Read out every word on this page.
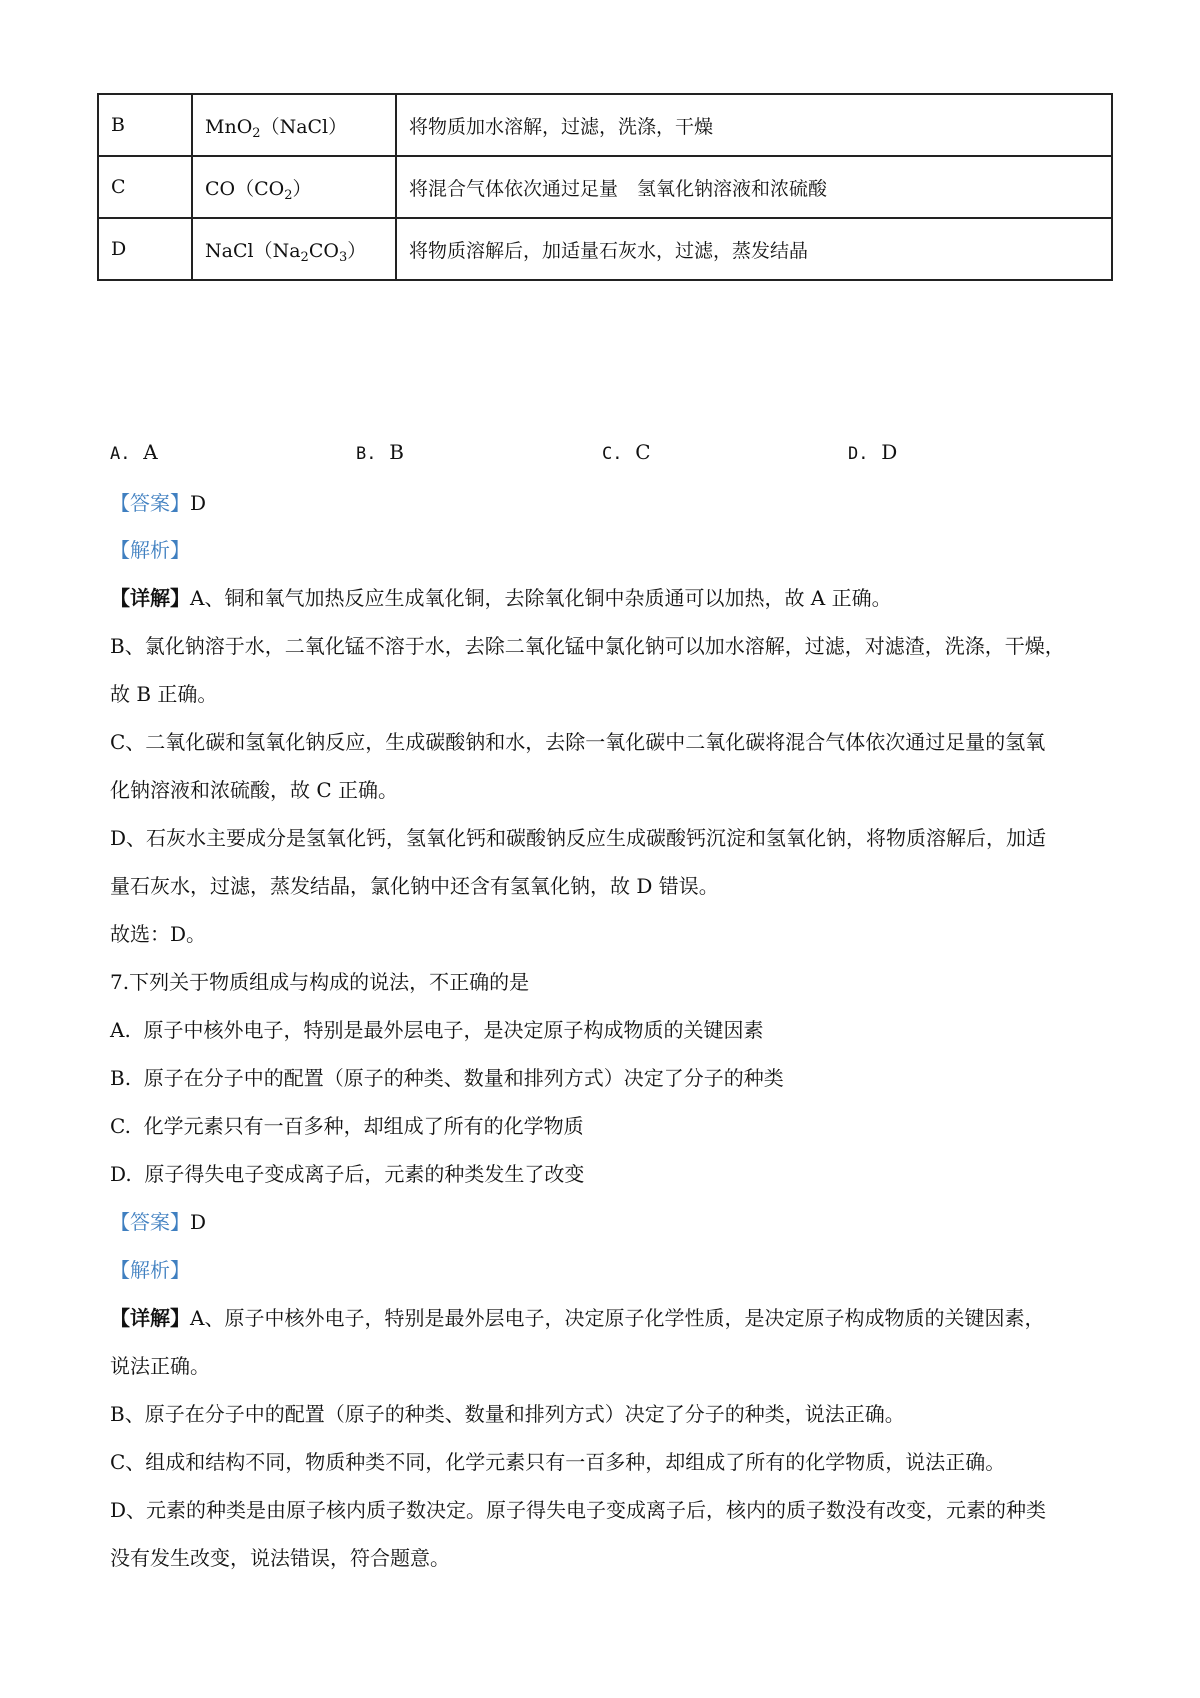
B	MnO$_2$（NaCl）	将物质加水溶解，过滤，洗涤，干燥
C	$CO(CO_2)$	将混合气体依次通过足量　氢氧化钠溶液和浓硫酸
D	$NaCl(Na_2CO_3)$	将物质溶解后，加适量石灰水，过滤，蒸发结晶
A. A	B. B	C. C	D. D
【答案】D
【解析】
【详解】A、铜和氧气加热反应生成氧化铜，去除氧化铜中杂质通可以加热，故 A 正确。
B、氯化钠溶于水，二氧化锰不溶于水，去除二氧化锰中氯化钠可以加水溶解，过滤，对滤渣，洗涤，干燥，
故 B 正确。
C、二氧化碳和氢氧化钠反应，生成碳酸钠和水，去除一氧化碳中二氧化碳将混合气体依次通过足量的氢氧
化钠溶液和浓硫酸，故 C 正确。
D、石灰水主要成分是氢氧化钙，氢氧化钙和碳酸钠反应生成碳酸钙沉淀和氢氧化钠，将物质溶解后，加适
量石灰水，过滤，蒸发结晶，氯化钠中还含有氢氧化钠，故 D 错误。
故选：D。
7.下列关于物质组成与构成的说法，不正确的是
A. 原子中核外电子，特别是最外层电子，是决定原子构成物质的关键因素
B. 原子在分子中的配置（原子的种类、数量和排列方式）决定了分子的种类
C. 化学元素只有一百多种，却组成了所有的化学物质
D. 原子得失电子变成离子后，元素的种类发生了改变
【答案】D
【解析】
【详解】A、原子中核外电子，特别是最外层电子，决定原子化学性质，是决定原子构成物质的关键因素，
说法正确。
B、原子在分子中的配置（原子的种类、数量和排列方式）决定了分子的种类，说法正确。
C、组成和结构不同，物质种类不同，化学元素只有一百多种，却组成了所有的化学物质，说法正确。
D、元素的种类是由原子核内质子数决定。原子得失电子变成离子后，核内的质子数没有改变，元素的种类
没有发生改变，说法错误，符合题意。
